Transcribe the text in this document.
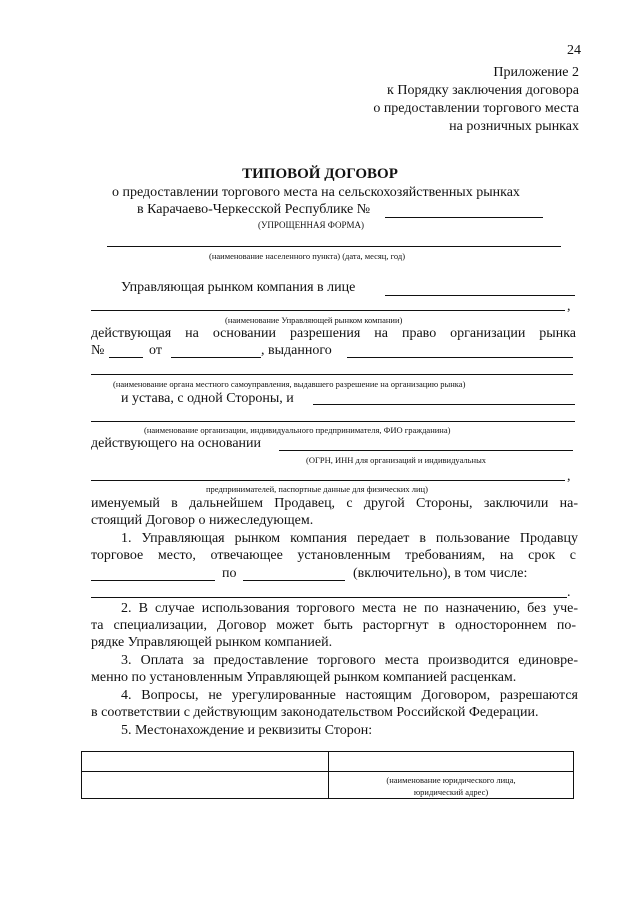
24
Приложение 2
к Порядку заключения договора
о предоставлении торгового места
на розничных рынках
ТИПОВОЙ ДОГОВОР
о предоставлении торгового места на сельскохозяйственных рынках
в Карачаево-Черкесской Республике №
(УПРОЩЕННАЯ ФОРМА)
(наименование населенного пункта) (дата, месяц, год)
Управляющая рынком компания в лице
,
(наименование Управляющей рынком компании)
действующая на основании разрешения на право организации рынка
№	от	, выданного
(наименование органа местного самоуправления, выдавшего разрешение на организацию рынка)
и устава, с одной Стороны, и
(наименование организации, индивидуального предпринимателя, ФИО гражданина)
действующего на основании
(ОГРН, ИНН для организаций и индивидуальных
,
предпринимателей, паспортные данные для физических лиц)
именуемый в дальнейшем Продавец, с другой Стороны, заключили на-
стоящий Договор о нижеследующем.
1. Управляющая рынком компания передает в пользование Продавцу
торговое место, отвечающее установленным требованиям, на срок с
по	(включительно), в том числе:
.
2. В случае использования торгового места не по назначению, без уче-
та специализации, Договор может быть расторгнут в одностороннем по-
рядке Управляющей рынком компанией.
3. Оплата за предоставление торгового места производится единовре-
менно по установленным Управляющей рынком компанией расценкам.
4. Вопросы, не урегулированные настоящим Договором, разрешаются
в соответствии с действующим законодательством Российской Федерации.
5. Местонахождение и реквизиты Сторон:

	(наименование юридического лица,
юридический адрес)
